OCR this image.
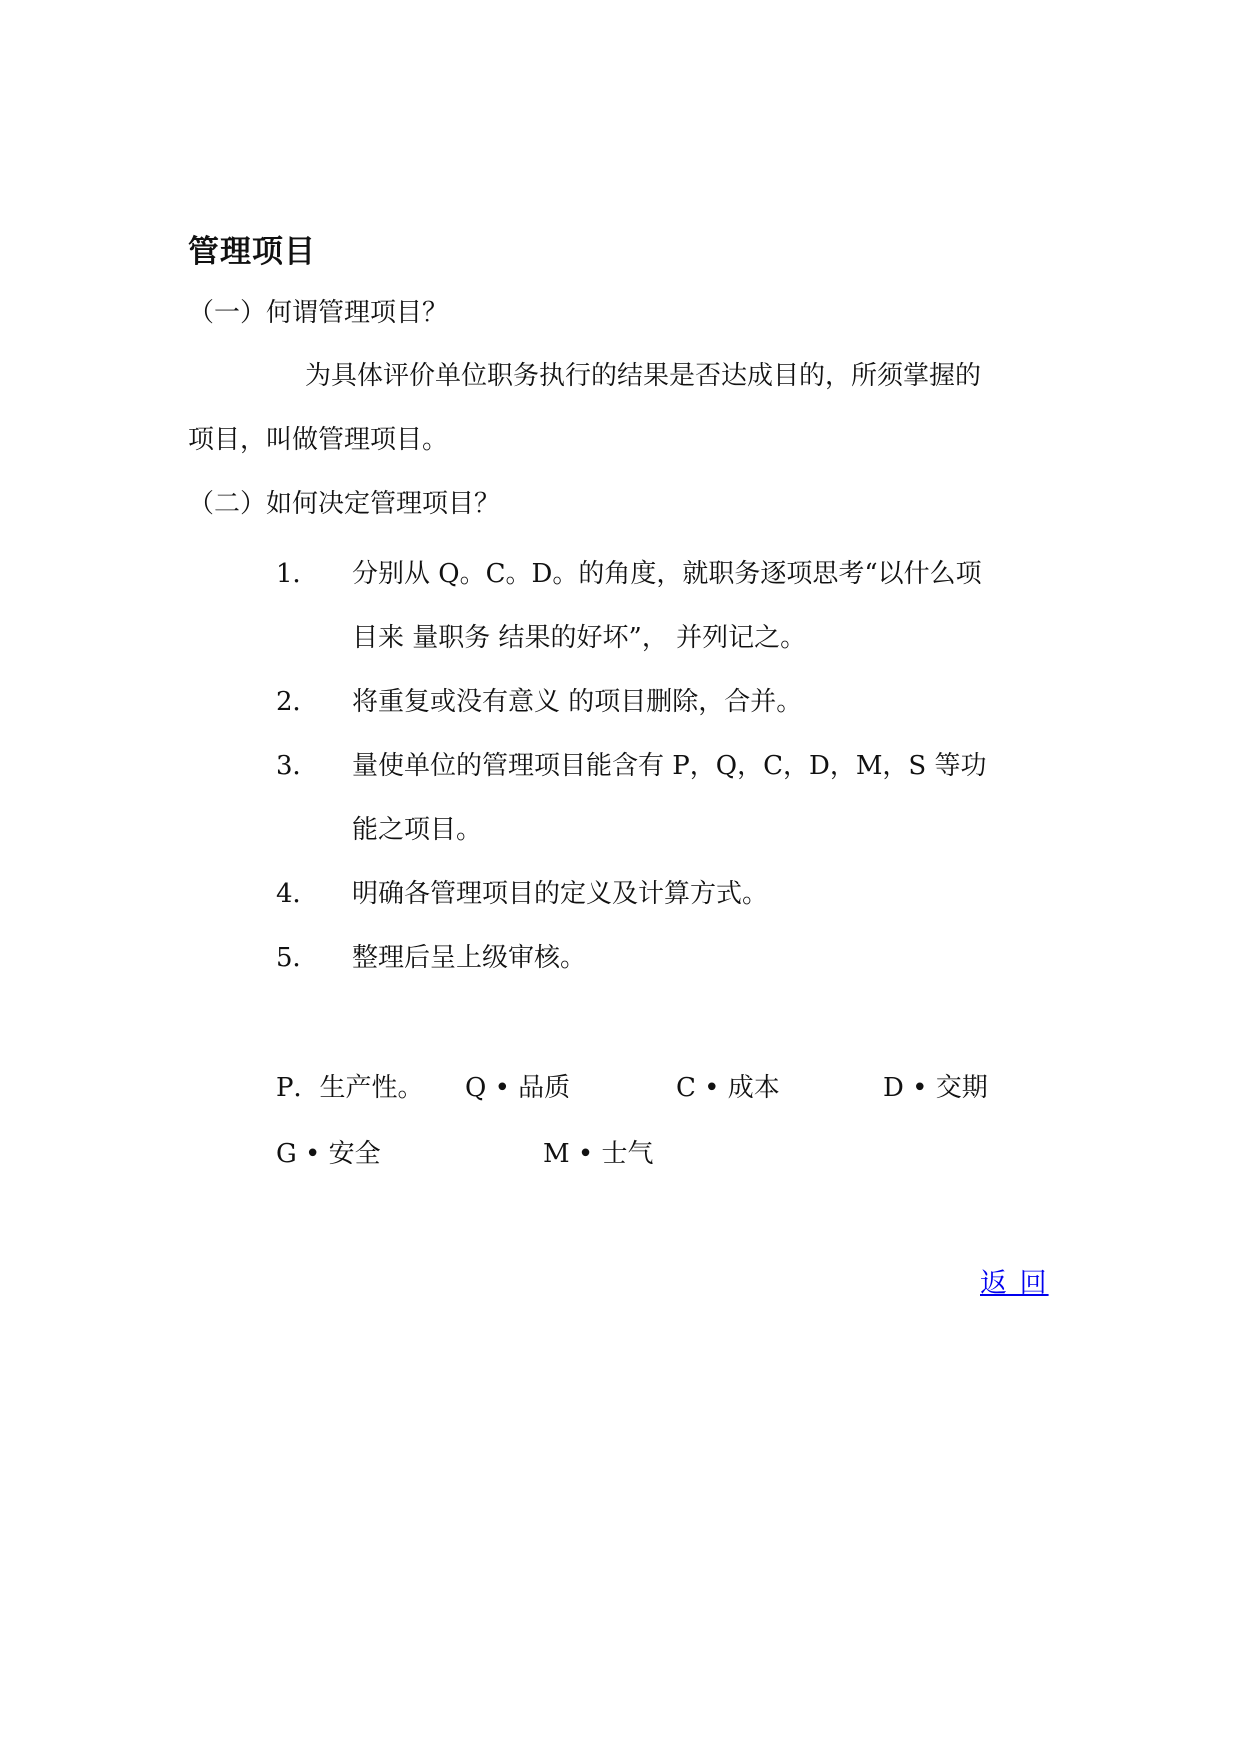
管理项目
（一）何谓管理项目？
为具体评价单位职务执行的结果是否达成目的，所须掌握的
项目，叫做管理项目。
（二）如何决定管理项目？
1． 分别从 Q。C。D。的角度，就职务逐项思考“以什么项
目来 量职务 结果的好坏”， 并列记之。
2． 将重复或没有意义 的项目删除，合并。
3． 量使单位的管理项目能含有 P，Q，C，D，M，S 等功
能之项目。
4． 明确各管理项目的定义及计算方式。
5． 整理后呈上级审核。
P．生产性。 Q • 品质	C • 成本	D • 交期
G • 安全	M • 士气
返 回
